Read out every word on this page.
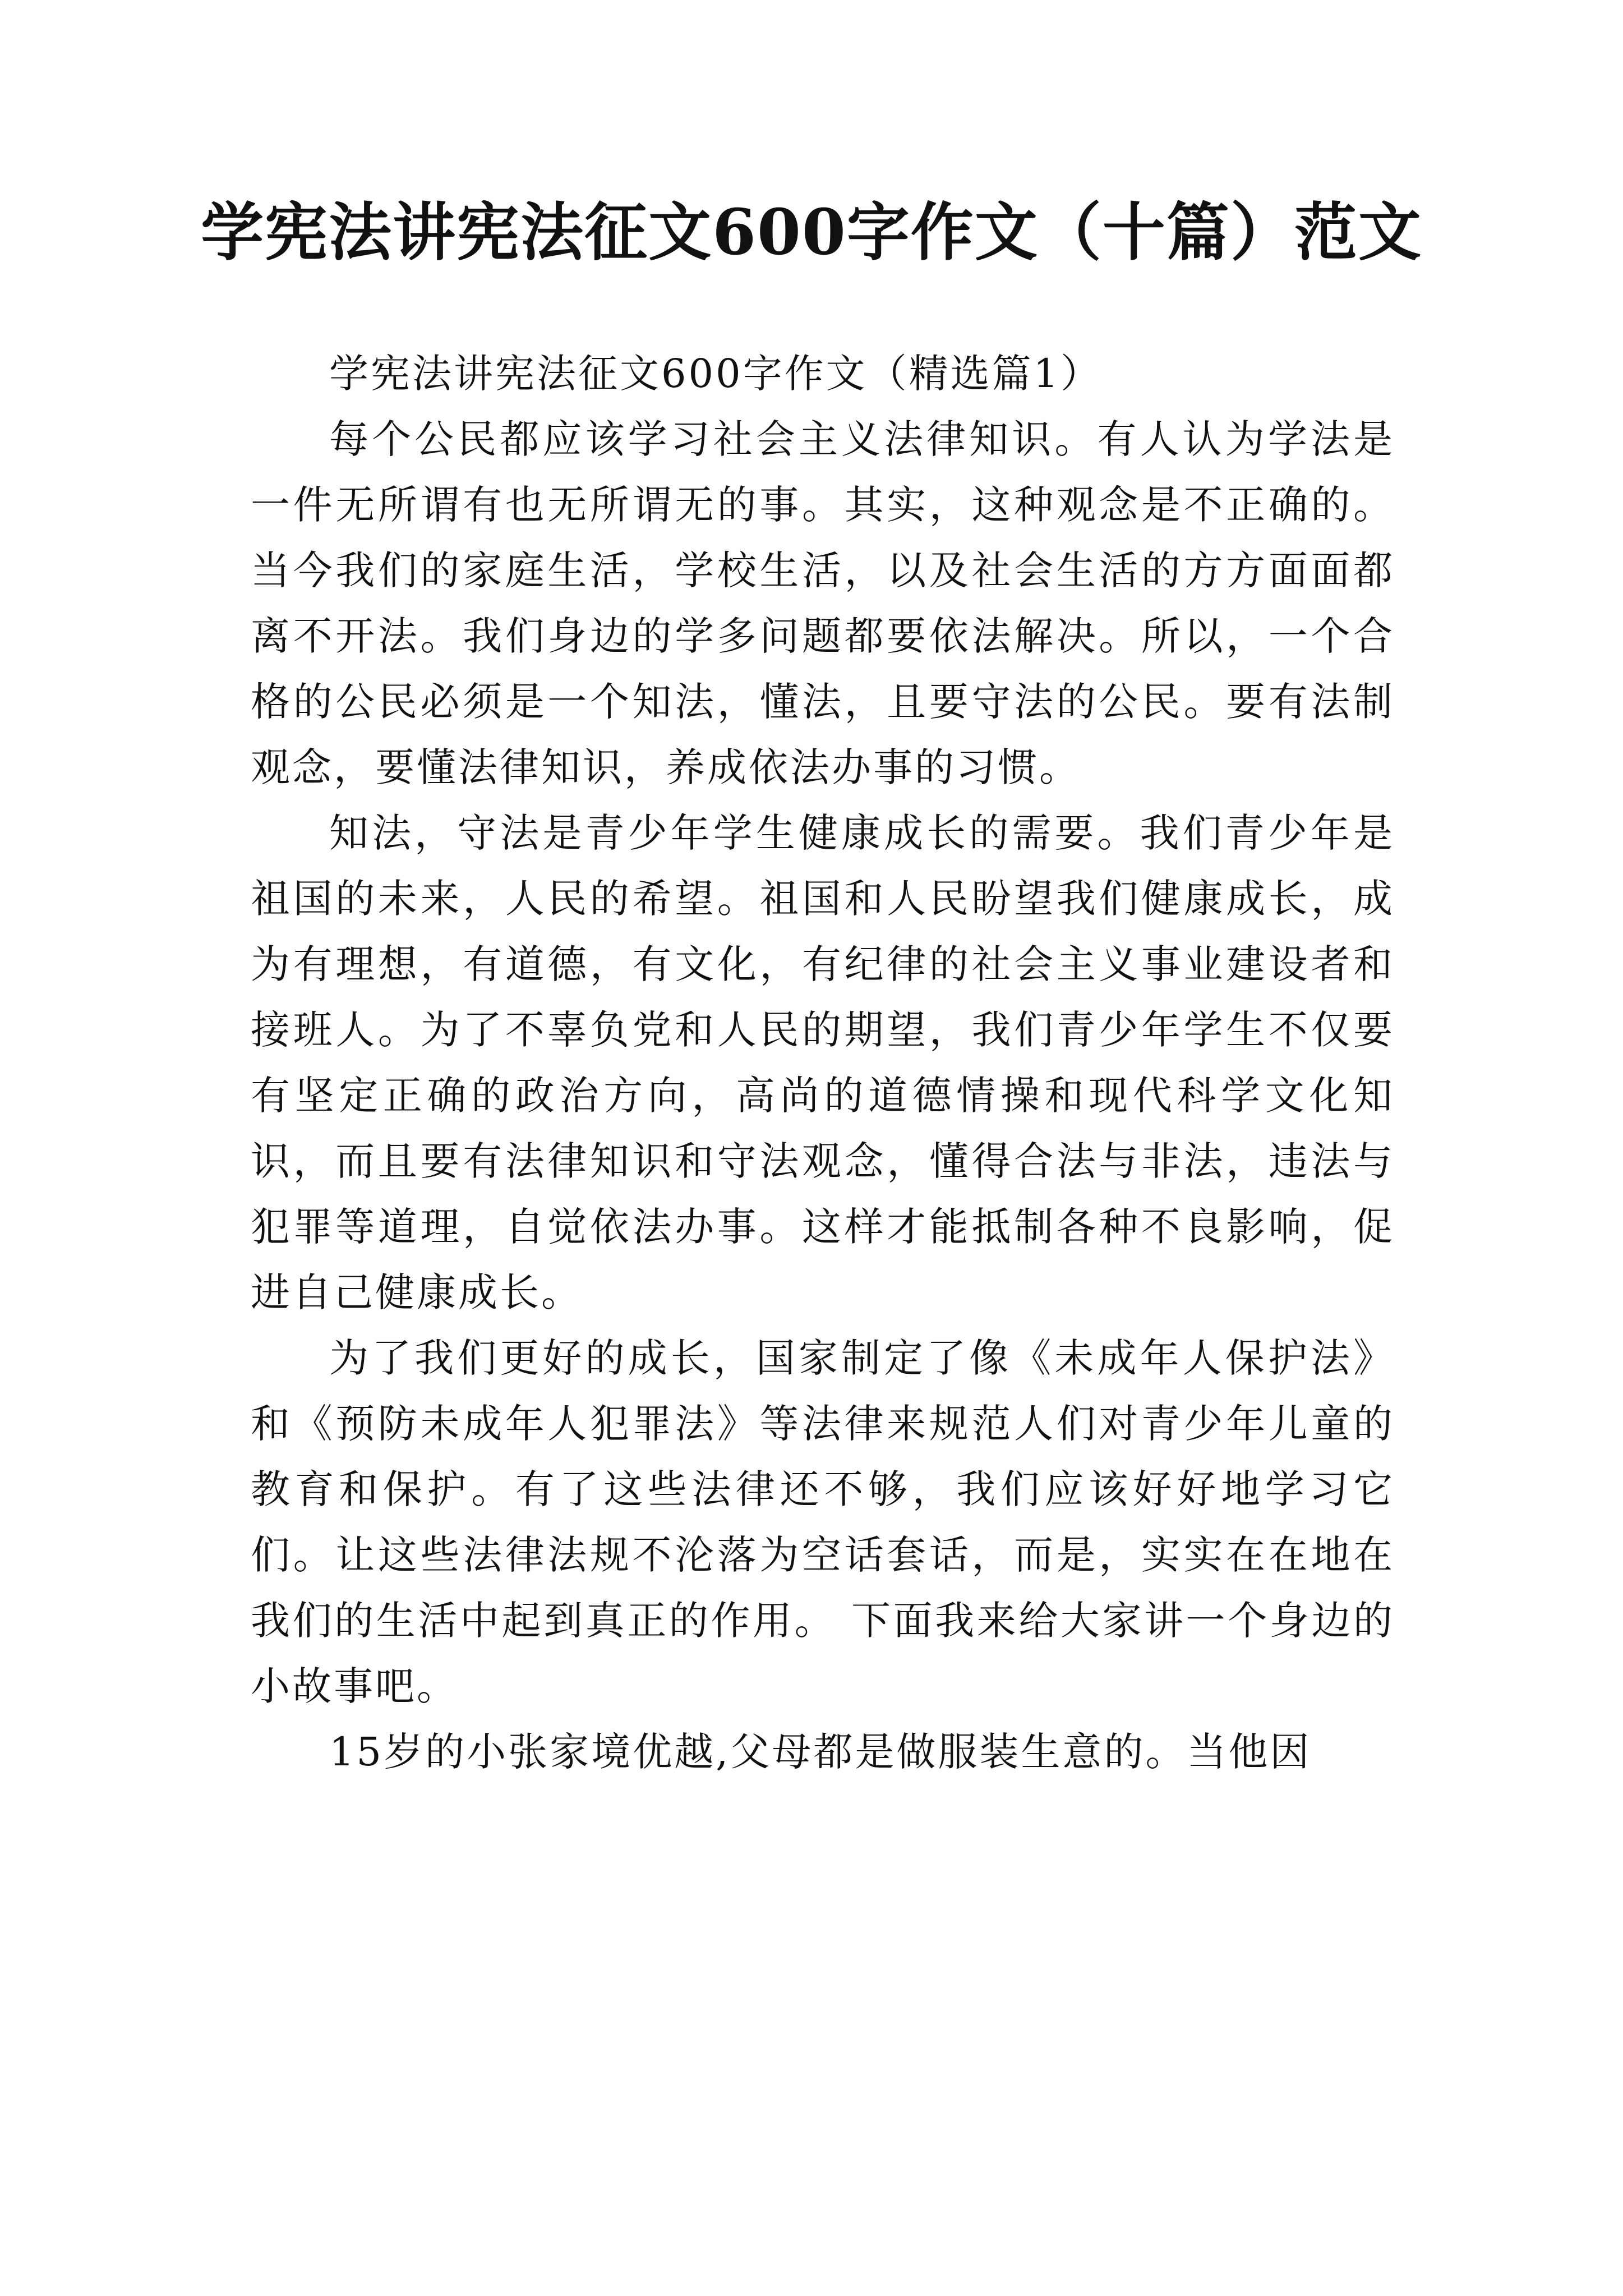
学宪法讲宪法征文600字作文（十篇）范文

学宪法讲宪法征文600字作文（精选篇1）

每个公民都应该学习社会主义法律知识。有人认为学法是一件无所谓有也无所谓无的事。其实，这种观念是不正确的。当今我们的家庭生活，学校生活，以及社会生活的方方面面都离不开法。我们身边的学多问题都要依法解决。所以，一个合格的公民必须是一个知法，懂法，且要守法的公民。要有法制观念，要懂法律知识，养成依法办事的习惯。

知法，守法是青少年学生健康成长的需要。我们青少年是祖国的未来，人民的希望。祖国和人民盼望我们健康成长，成为有理想，有道德，有文化，有纪律的社会主义事业建设者和接班人。为了不辜负党和人民的期望，我们青少年学生不仅要有坚定正确的政治方向，高尚的道德情操和现代科学文化知识，而且要有法律知识和守法观念，懂得合法与非法，违法与犯罪等道理，自觉依法办事。这样才能抵制各种不良影响，促进自己健康成长。

为了我们更好的成长，国家制定了像《未成年人保护法》和《预防未成年人犯罪法》等法律来规范人们对青少年儿童的教育和保护。有了这些法律还不够，我们应该好好地学习它们。让这些法律法规不沦落为空话套话，而是，实实在在地在我们的生活中起到真正的作用。 下面我来给大家讲一个身边的小故事吧。

15岁的小张家境优越,父母都是做服装生意的。当他因
